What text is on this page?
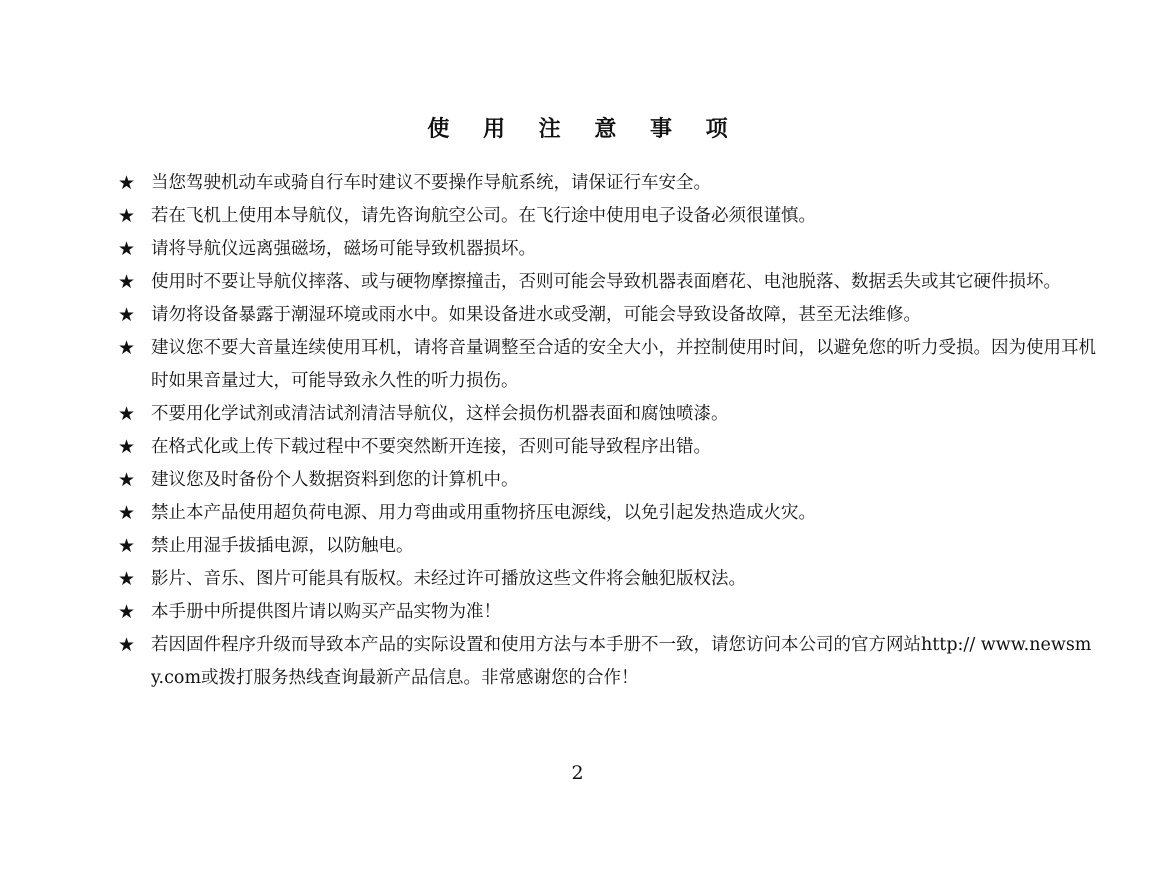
使 用 注 意 事 项
★ 当您驾驶机动车或骑自行车时建议不要操作导航系统，请保证行车安全。
★ 若在飞机上使用本导航仪，请先咨询航空公司。在飞行途中使用电子设备必须很谨慎。
★ 请将导航仪远离强磁场，磁场可能导致机器损坏。
★ 使用时不要让导航仪摔落、或与硬物摩擦撞击，否则可能会导致机器表面磨花、电池脱落、数据丢失或其它硬件损坏。
★ 请勿将设备暴露于潮湿环境或雨水中。如果设备进水或受潮，可能会导致设备故障，甚至无法维修。
★ 建议您不要大音量连续使用耳机，请将音量调整至合适的安全大小，并控制使用时间，以避免您的听力受损。因为使用耳机时如果音量过大，可能导致永久性的听力损伤。
★ 不要用化学试剂或清洁试剂清洁导航仪，这样会损伤机器表面和腐蚀喷漆。
★ 在格式化或上传下载过程中不要突然断开连接，否则可能导致程序出错。
★ 建议您及时备份个人数据资料到您的计算机中。
★ 禁止本产品使用超负荷电源、用力弯曲或用重物挤压电源线，以免引起发热造成火灾。
★ 禁止用湿手拔插电源，以防触电。
★ 影片、音乐、图片可能具有版权。未经过许可播放这些文件将会触犯版权法。
★ 本手册中所提供图片请以购买产品实物为准！
★ 若因固件程序升级而导致本产品的实际设置和使用方法与本手册不一致，请您访问本公司的官方网站http:// www.newsmy.com或拨打服务热线查询最新产品信息。非常感谢您的合作！
2
